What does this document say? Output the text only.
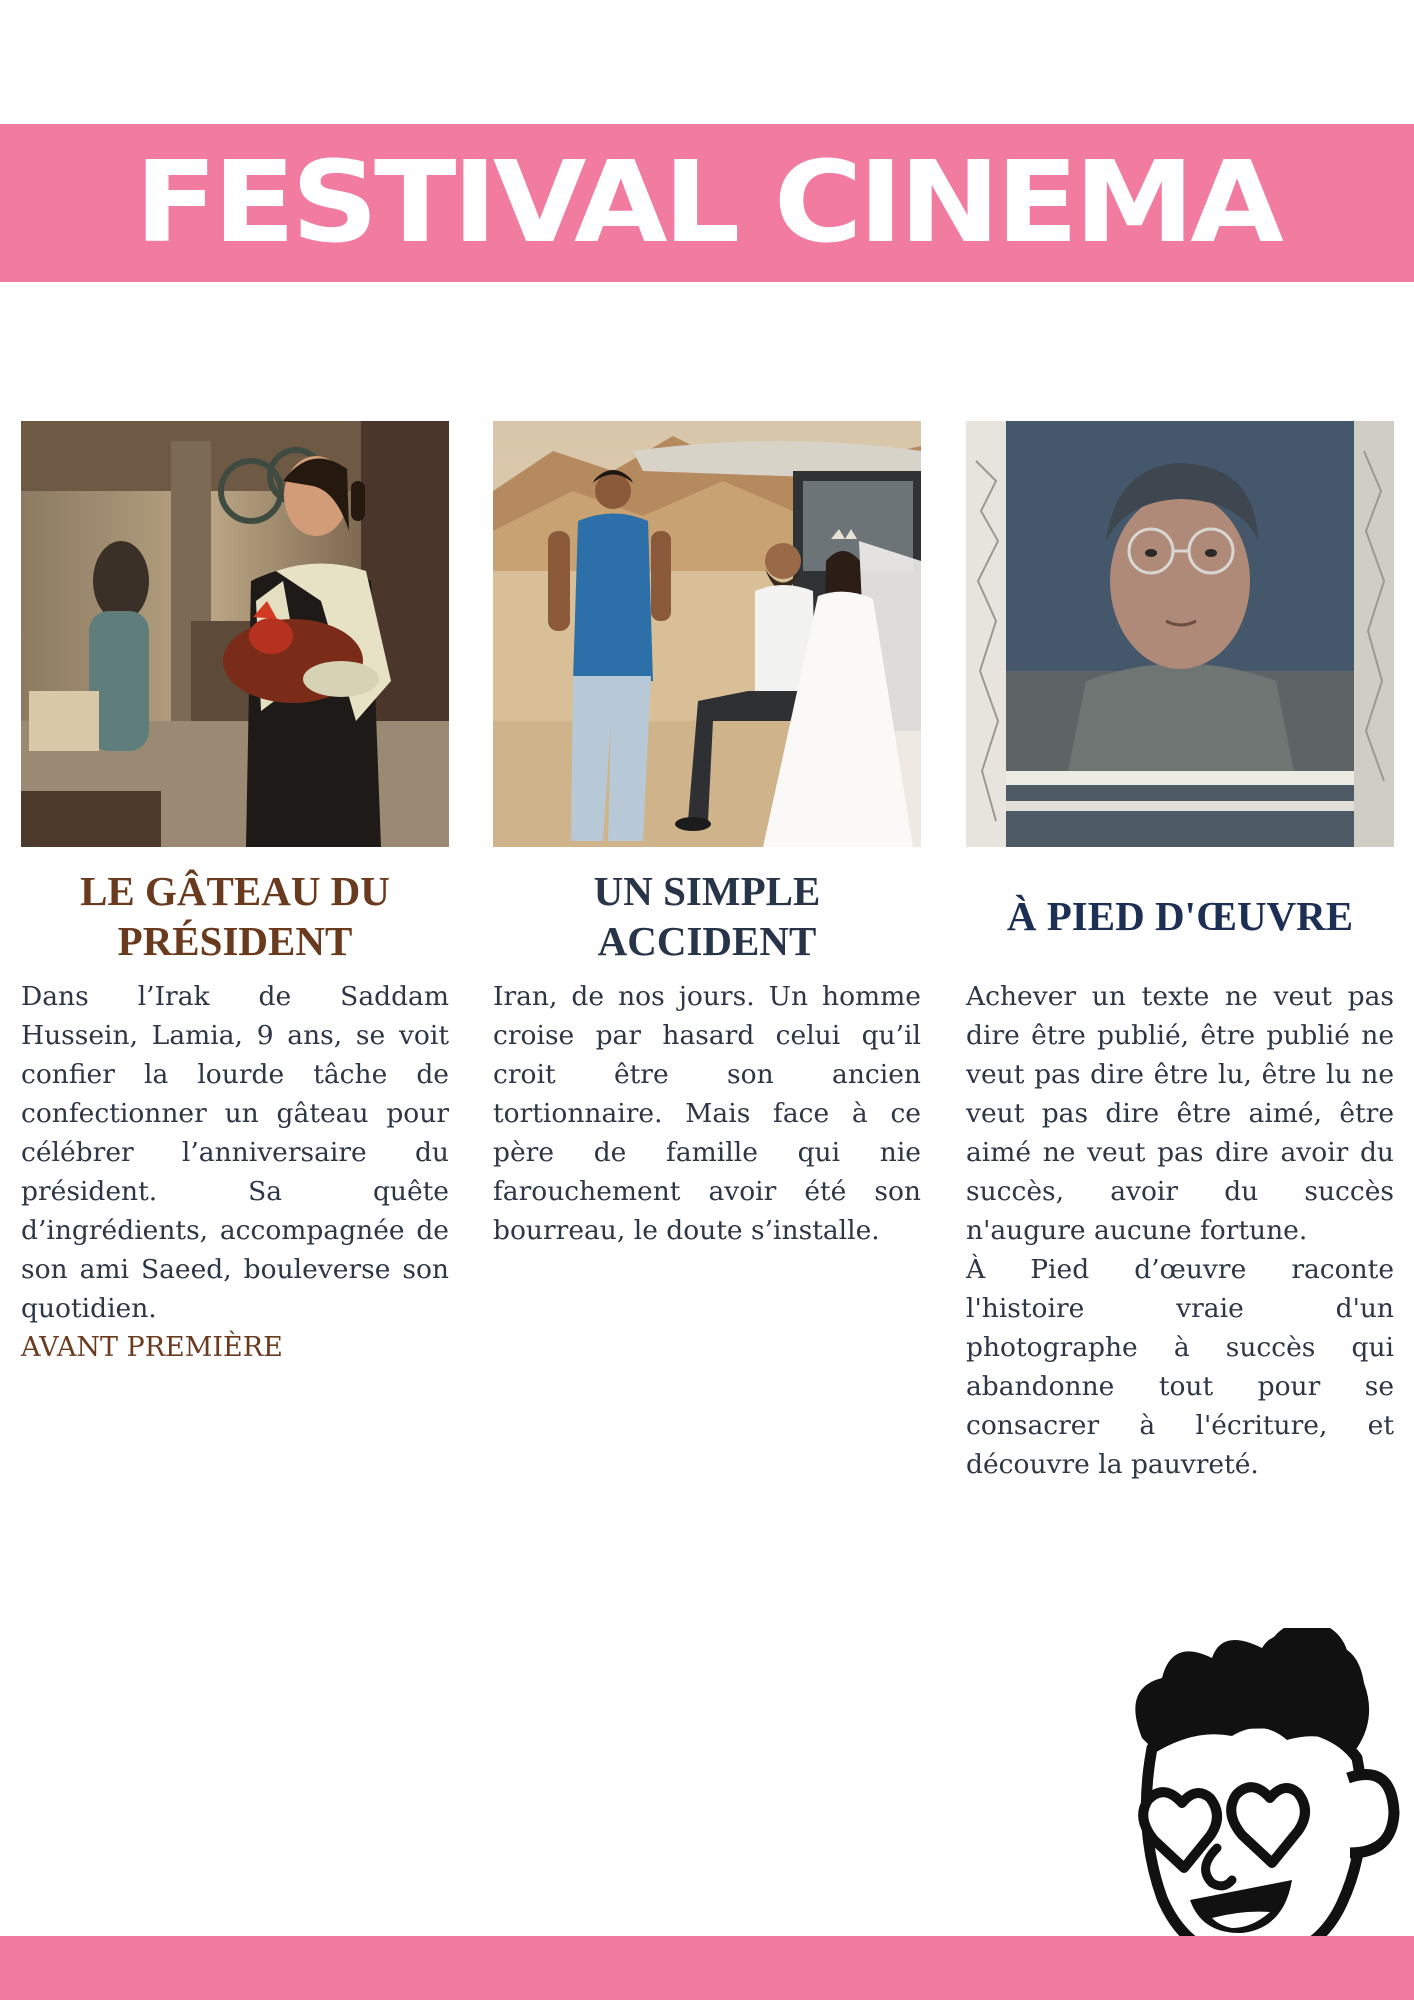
FESTIVAL CINEMA
LE GÂTEAU DU PRÉSIDENT

Dans l’Irak de Saddam Hussein, Lamia, 9 ans, se voit confier la lourde tâche de confectionner un gâteau pour célébrer l’anniversaire du président. Sa quête d’ingrédients, accompagnée de son ami Saeed, bouleverse son quotidien.

AVANT PREMIÈRE

UN SIMPLE ACCIDENT

Iran, de nos jours. Un homme croise par hasard celui qu’il croit être son ancien tortionnaire. Mais face à ce père de famille qui nie farouchement avoir été son bourreau, le doute s’installe.

À PIED D'ŒUVRE

Achever un texte ne veut pas dire être publié, être publié ne veut pas dire être lu, être lu ne veut pas dire être aimé, être aimé ne veut pas dire avoir du succès, avoir du succès n'augure aucune fortune.

À Pied d’œuvre raconte l'histoire vraie d'un photographe à succès qui abandonne tout pour se consacrer à l'écriture, et découvre la pauvreté.
